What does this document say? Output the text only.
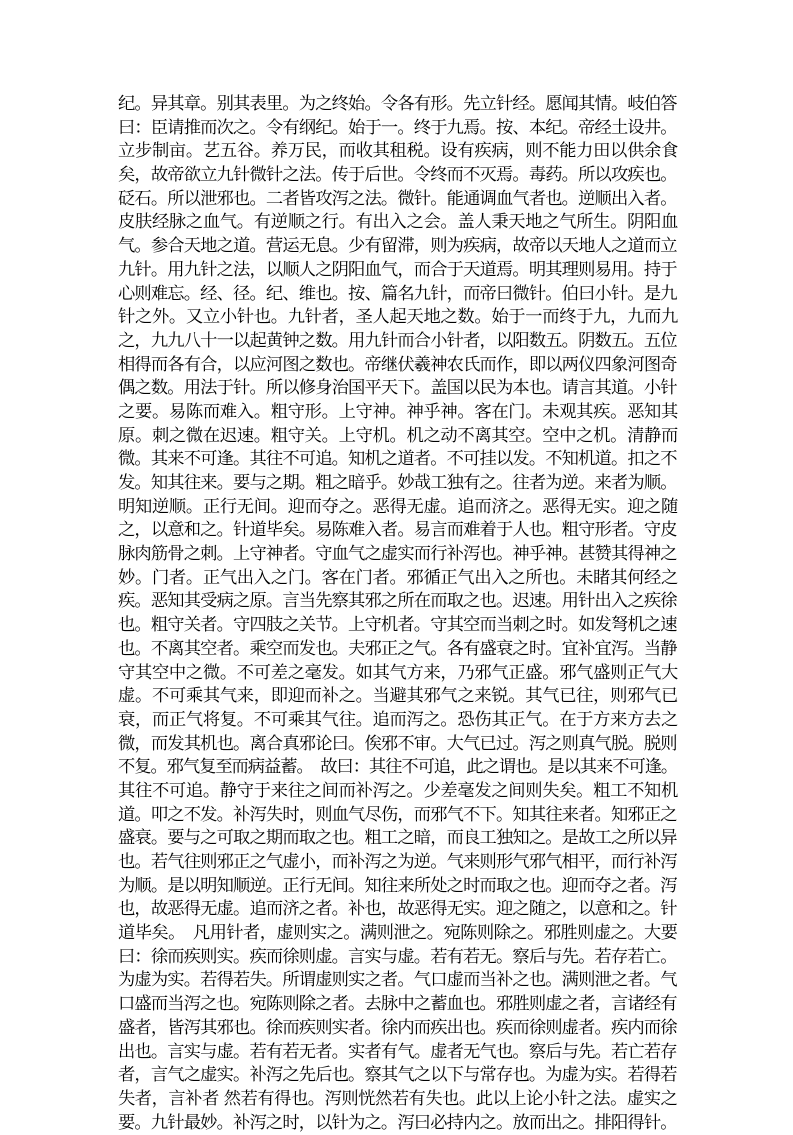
纪。异其章。别其表里。为之终始。令各有形。先立针经。愿闻其情。岐伯答
曰：臣请推而次之。令有纲纪。始于一。终于九焉。按、本纪。帝经土设井。
立步制亩。艺五谷。养万民，而收其租税。设有疾病，则不能力田以供余食
矣，故帝欲立九针微针之法。传于后世。令终而不灭焉。毒药。所以攻疾也。
砭石。所以泄邪也。二者皆攻泻之法。微针。能通调血气者也。逆顺出入者。
皮肤经脉之血气。有逆顺之行。有出入之会。盖人秉天地之气所生。阴阳血
气。参合天地之道。营运无息。少有留滞，则为疾病，故帝以天地人之道而立
九针。用九针之法，以顺人之阴阳血气，而合于天道焉。明其理则易用。持于
心则难忘。经、径。纪、维也。按、篇名九针，而帝曰微针。伯曰小针。是九
针之外。又立小针也。九针者，圣人起天地之数。始于一而终于九，九而九
之，九九八十一以起黄钟之数。用九针而合小针者，以阳数五。阴数五。五位
相得而各有合，以应河图之数也。帝继伏羲神农氏而作，即以两仪四象河图奇
偶之数。用法于针。所以修身治国平天下。盖国以民为本也。请言其道。小针
之要。易陈而难入。粗守形。上守神。神乎神。客在门。未观其疾。恶知其
原。刺之微在迟速。粗守关。上守机。机之动不离其空。空中之机。清静而
微。其来不可逢。其往不可追。知机之道者。不可挂以发。不知机道。扣之不
发。知其往来。要与之期。粗之暗乎。妙哉工独有之。往者为逆。来者为顺。
明知逆顺。正行无间。迎而夺之。恶得无虚。追而济之。恶得无实。迎之随
之，以意和之。针道毕矣。易陈难入者。易言而难着于人也。粗守形者。守皮
脉肉筋骨之刺。上守神者。守血气之虚实而行补泻也。神乎神。甚赞其得神之
妙。门者。正气出入之门。客在门者。邪循正气出入之所也。未睹其何经之
疾。恶知其受病之原。言当先察其邪之所在而取之也。迟速。用针出入之疾徐
也。粗守关者。守四肢之关节。上守机者。守其空而当刺之时。如发弩机之速
也。不离其空者。乘空而发也。夫邪正之气。各有盛衰之时。宜补宜泻。当静
守其空中之微。不可差之毫发。如其气方来，乃邪气正盛。邪气盛则正气大
虚。不可乘其气来，即迎而补之。当避其邪气之来锐。其气已往，则邪气已
衰，而正气将复。不可乘其气往。追而泻之。恐伤其正气。在于方来方去之
微，而发其机也。离合真邪论曰。俟邪不审。大气已过。泻之则真气脱。脱则
不复。邪气复至而病益蓄。　故曰：其往不可追，此之谓也。是以其来不可逢。
其往不可追。静守于来往之间而补泻之。少差毫发之间则失矣。粗工不知机
道。叩之不发。补泻失时，则血气尽伤，而邪气不下。知其往来者。知邪正之
盛衰。要与之可取之期而取之也。粗工之暗，而良工独知之。是故工之所以异
也。若气往则邪正之气虚小，而补泻之为逆。气来则形气邪气相平，而行补泻
为顺。是以明知顺逆。正行无间。知往来所处之时而取之也。迎而夺之者。泻
也，故恶得无虚。追而济之者。补也，故恶得无实。迎之随之，以意和之。针
道毕矣。　凡用针者，虚则实之。满则泄之。宛陈则除之。邪胜则虚之。大要
曰：徐而疾则实。疾而徐则虚。言实与虚。若有若无。察后与先。若存若亡。
为虚为实。若得若失。所谓虚则实之者。气口虚而当补之也。满则泄之者。气
口盛而当泻之也。宛陈则除之者。去脉中之蓄血也。邪胜则虚之者，言诸经有
盛者，皆泻其邪也。徐而疾则实者。徐内而疾出也。疾而徐则虚者。疾内而徐
出也。言实与虚。若有若无者。实者有气。虚者无气也。察后与先。若亡若存
者，言气之虚实。补泻之先后也。察其气之以下与常存也。为虚为实。若得若
失者，言补者 然若有得也。泻则恍然若有失也。此以上论小针之法。虚实之
要。九针最妙。补泻之时，以针为之。泻曰必持内之。放而出之。排阳得针。
